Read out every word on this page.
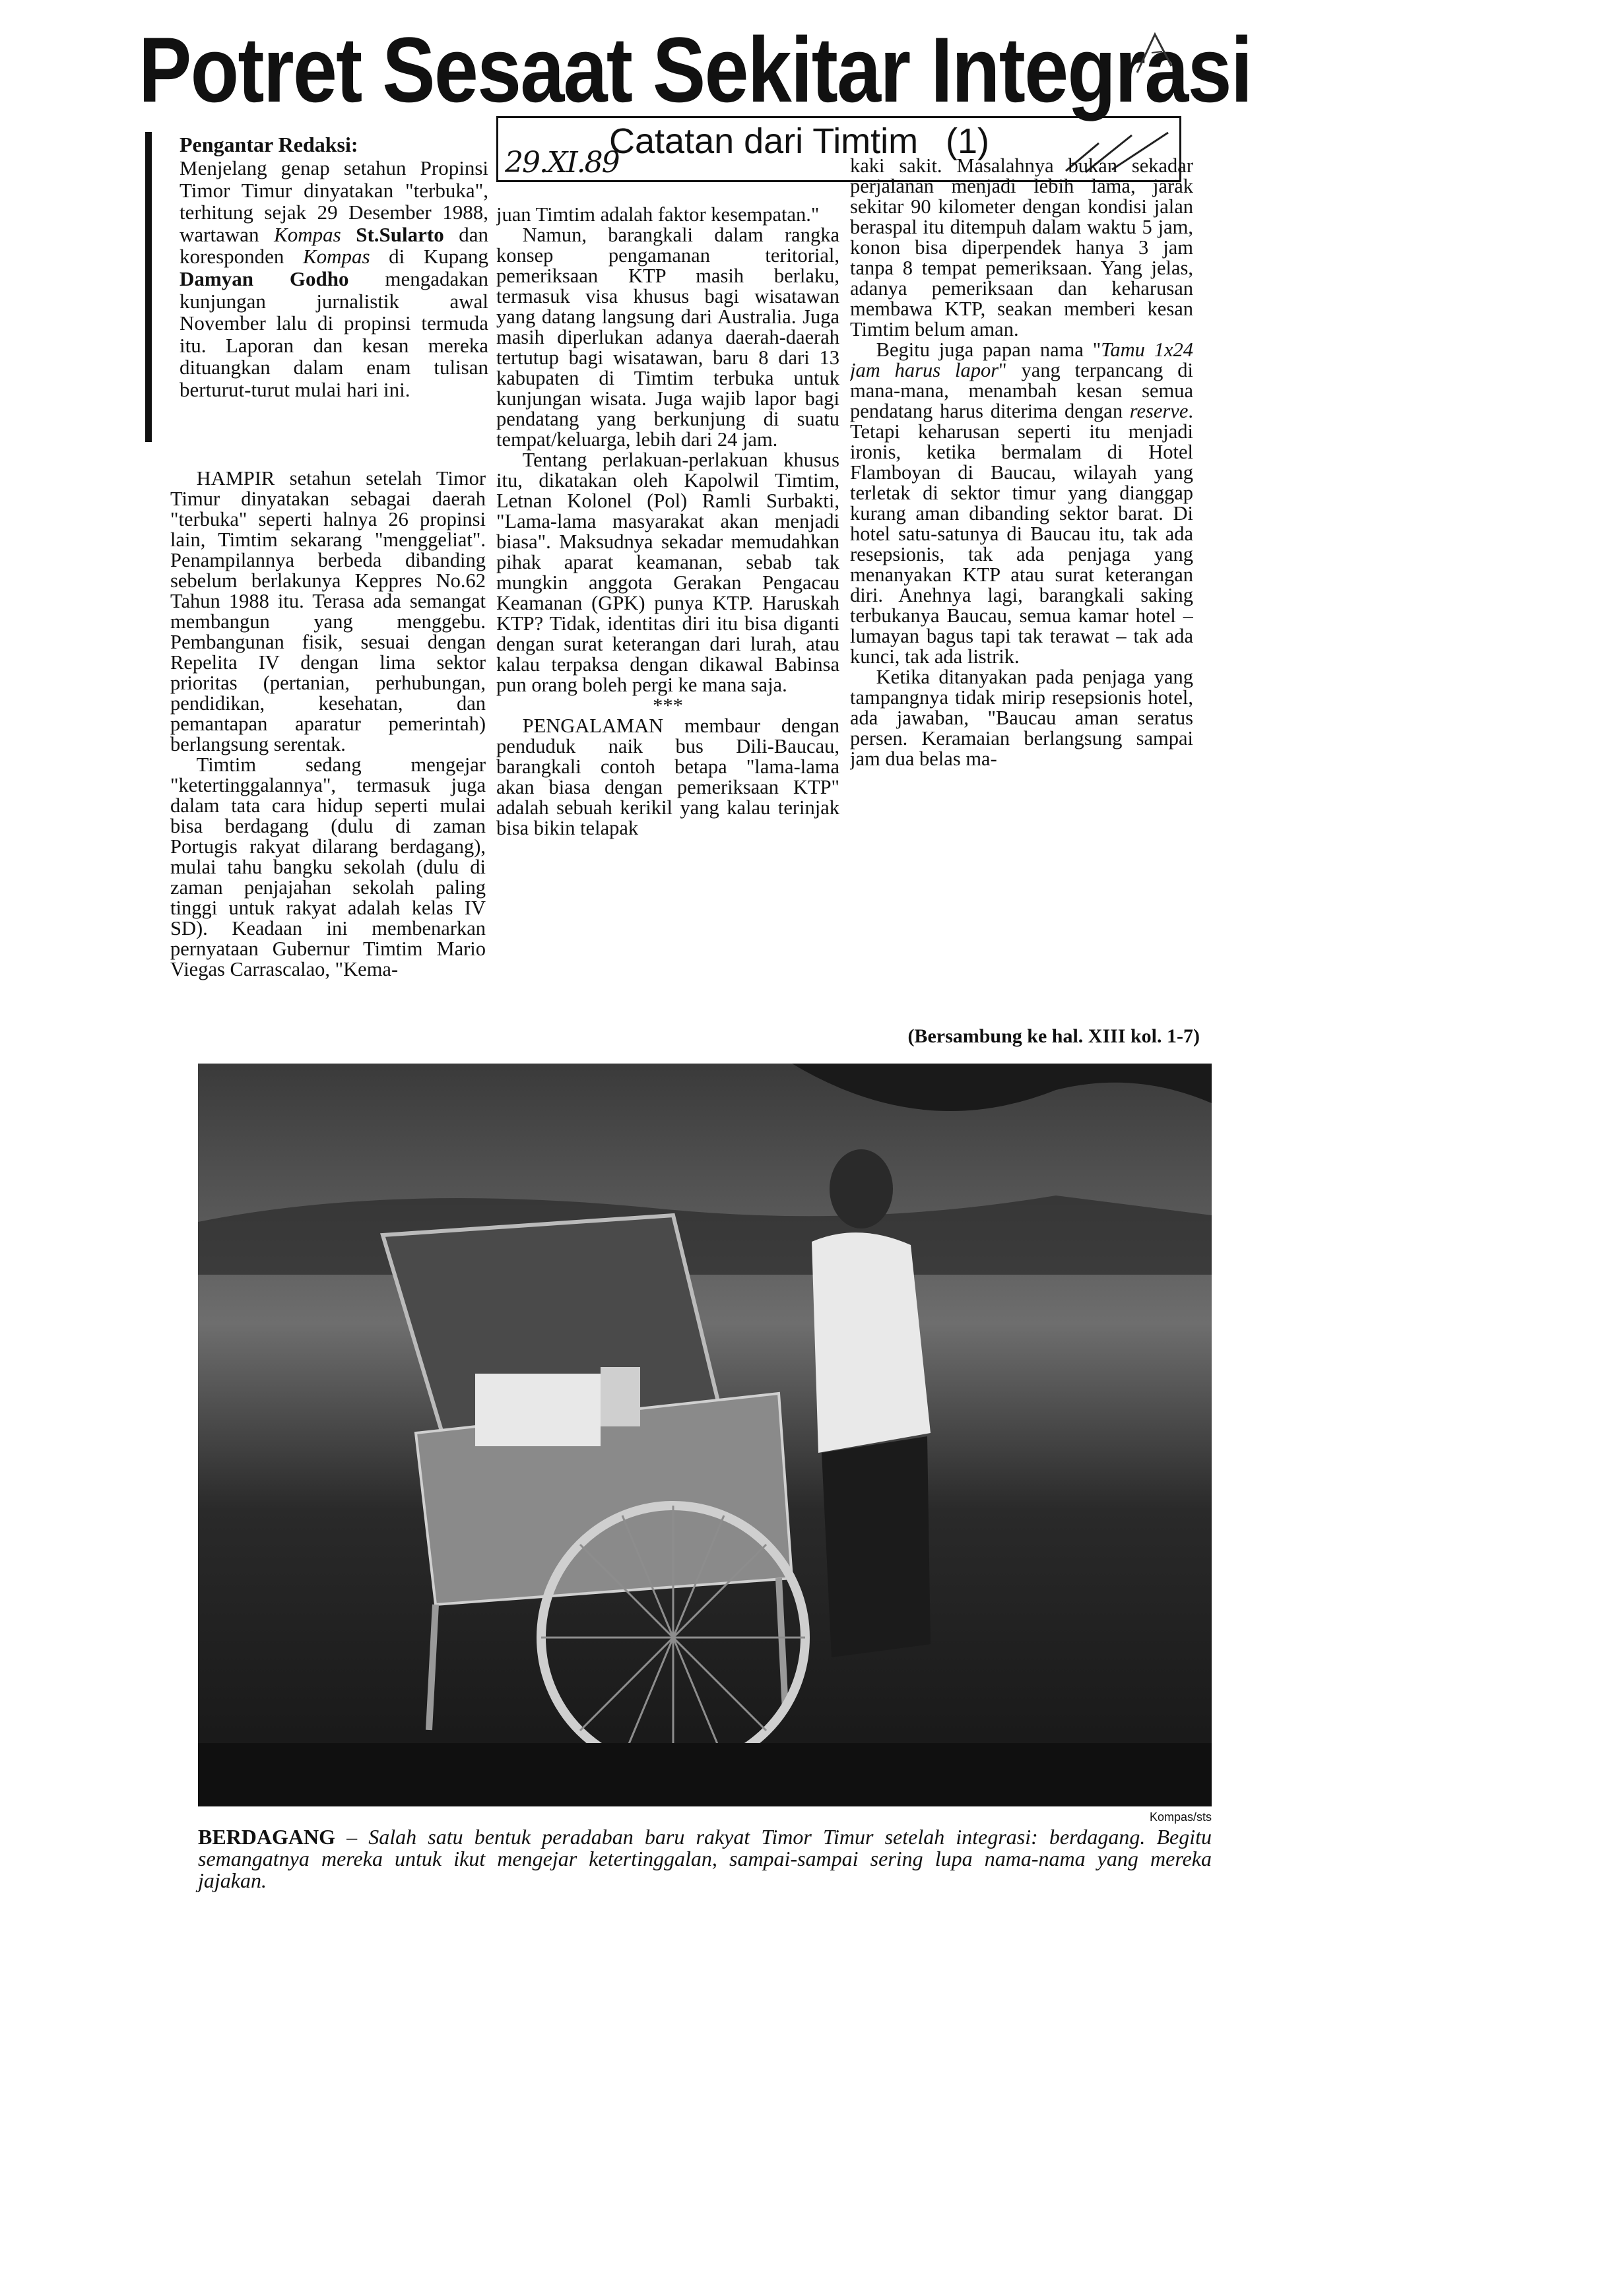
Potret Sesaat Sekitar Integrasi
Pengantar Redaksi:
Menjelang genap setahun Propinsi Timor Timur dinyatakan "terbuka", terhitung sejak 29 Desember 1988, wartawan Kompas St.Sularto dan koresponden Kompas di Kupang Damyan Godho mengadakan kunjungan jurnalistik awal November lalu di propinsi termuda itu. Laporan dan kesan mereka dituangkan dalam enam tulisan berturut-turut mulai hari ini.
29.XI.89
Catatan dari Timtim (1)

HAMPIR setahun setelah Timor Timur dinyatakan sebagai daerah "terbuka" seperti halnya 26 propinsi lain, Timtim sekarang "menggeliat". Penampilannya berbeda dibanding sebelum berlakunya Keppres No.62 Tahun 1988 itu. Terasa ada semangat membangun yang menggebu. Pembangunan fisik, sesuai dengan Repelita IV dengan lima sektor prioritas (pertanian, perhubungan, pendidikan, kesehatan, dan pemantapan aparatur pemerintah) berlangsung serentak.

Timtim sedang mengejar "ketertinggalannya", termasuk juga dalam tata cara hidup seperti mulai bisa berdagang (dulu di zaman Portugis rakyat dilarang berdagang), mulai tahu bangku sekolah (dulu di zaman penjajahan sekolah paling tinggi untuk rakyat adalah kelas IV SD). Keadaan ini membenarkan pernyataan Gubernur Timtim Mario Viegas Carrascalao, "Kema-

juan Timtim adalah faktor kesempatan."

Namun, barangkali dalam rangka konsep pengamanan teritorial, pemeriksaan KTP masih berlaku, termasuk visa khusus bagi wisatawan yang datang langsung dari Australia. Juga masih diperlukan adanya daerah-daerah tertutup bagi wisatawan, baru 8 dari 13 kabupaten di Timtim terbuka untuk kunjungan wisata. Juga wajib lapor bagi pendatang yang berkunjung di suatu tempat/keluarga, lebih dari 24 jam.

Tentang perlakuan-perlakuan khusus itu, dikatakan oleh Kapolwil Timtim, Letnan Kolonel (Pol) Ramli Surbakti, "Lama-lama masyarakat akan menjadi biasa". Maksudnya sekadar memudahkan pihak aparat keamanan, sebab tak mungkin anggota Gerakan Pengacau Keamanan (GPK) punya KTP. Haruskah KTP? Tidak, identitas diri itu bisa diganti dengan surat keterangan dari lurah, atau kalau terpaksa dengan dikawal Babinsa pun orang boleh pergi ke mana saja.

***

PENGALAMAN membaur dengan penduduk naik bus Dili-Baucau, barangkali contoh betapa "lama-lama akan biasa dengan pemeriksaan KTP" adalah sebuah kerikil yang kalau terinjak bisa bikin telapak

kaki sakit. Masalahnya bukan sekadar perjalanan menjadi lebih lama, jarak sekitar 90 kilometer dengan kondisi jalan beraspal itu ditempuh dalam waktu 5 jam, konon bisa diperpendek hanya 3 jam tanpa 8 tempat pemeriksaan. Yang jelas, adanya pemeriksaan dan keharusan membawa KTP, seakan memberi kesan Timtim belum aman.

Begitu juga papan nama "Tamu 1x24 jam harus lapor" yang terpancang di mana-mana, menambah kesan semua pendatang harus diterima dengan reserve. Tetapi keharusan seperti itu menjadi ironis, ketika bermalam di Hotel Flamboyan di Baucau, wilayah yang terletak di sektor timur yang dianggap kurang aman dibanding sektor barat. Di hotel satu-satunya di Baucau itu, tak ada resepsionis, tak ada penjaga yang menanyakan KTP atau surat keterangan diri. Anehnya lagi, barangkali saking terbukanya Baucau, semua kamar hotel – lumayan bagus tapi tak terawat – tak ada kunci, tak ada listrik.

Ketika ditanyakan pada penjaga yang tampangnya tidak mirip resepsionis hotel, ada jawaban, "Baucau aman seratus persen. Keramaian berlangsung sampai jam dua belas ma-

(Bersambung ke hal. XIII kol. 1-7)
Kompas/sts
BERDAGANG – Salah satu bentuk peradaban baru rakyat Timor Timur setelah integrasi: berdagang. Begitu semangatnya mereka untuk ikut mengejar ketertinggalan, sampai-sampai sering lupa nama-nama yang mereka jajakan.
